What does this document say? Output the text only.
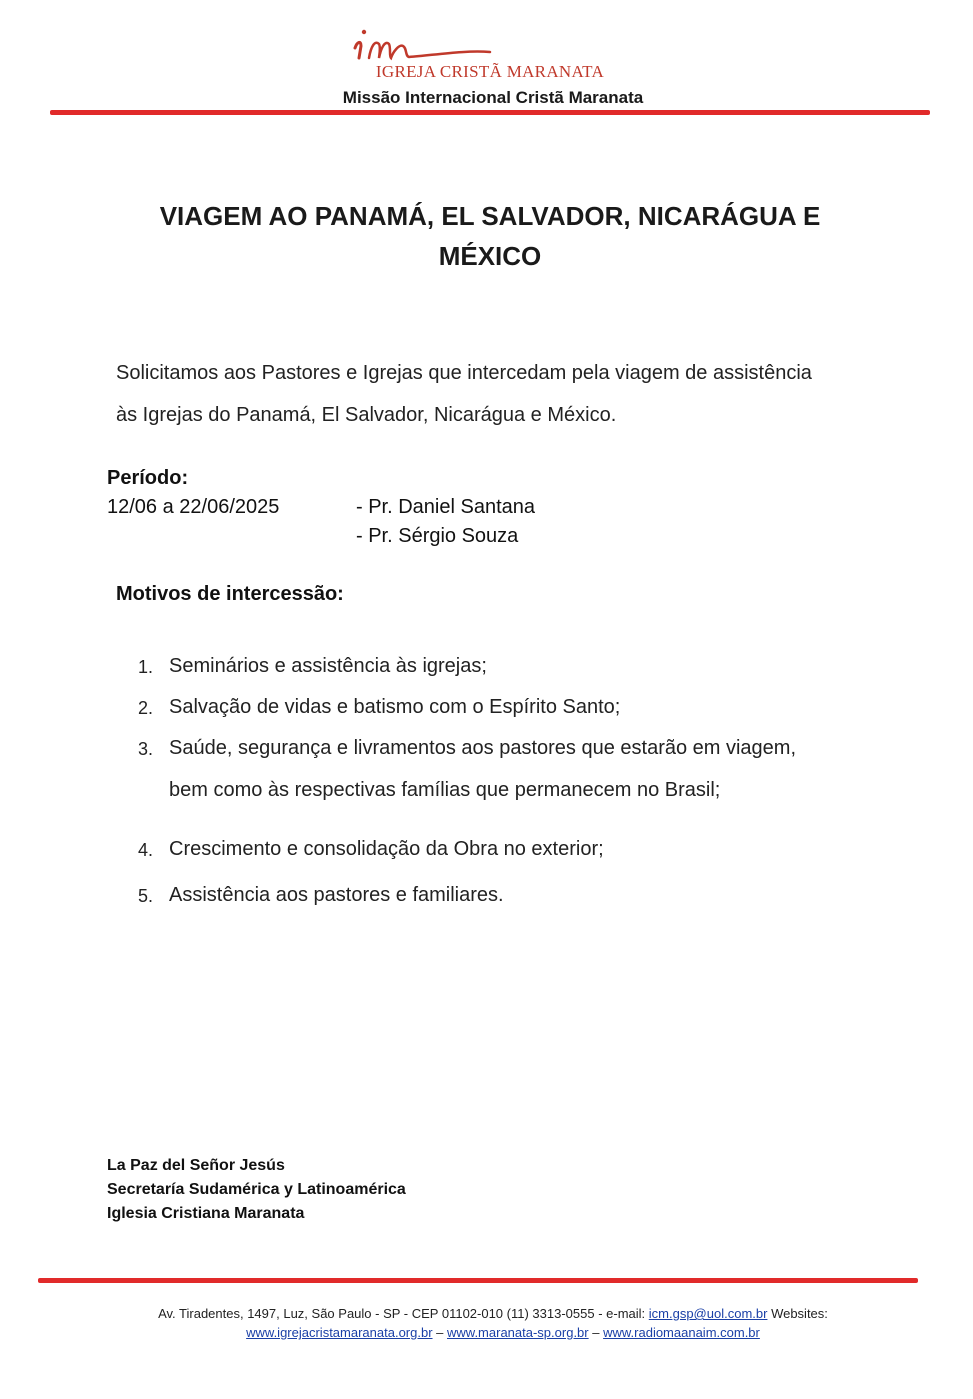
IGREJA CRISTÃ MARANATA
Missão Internacional Cristã Maranata
VIAGEM AO PANAMÁ, EL SALVADOR, NICARÁGUA E
MÉXICO
Solicitamos aos Pastores e Igrejas que intercedam pela viagem de assistência
às Igrejas do Panamá, El Salvador, Nicarágua e México.
Período:
12/06 a 22/06/2025	- Pr. Daniel Santana
- Pr. Sérgio Souza
Motivos de intercessão:
1. Seminários e assistência às igrejas;
2. Salvação de vidas e batismo com o Espírito Santo;
3. Saúde, segurança e livramentos aos pastores que estarão em viagem,
bem como às respectivas famílias que permanecem no Brasil;
4. Crescimento e consolidação da Obra no exterior;
5. Assistência aos pastores e familiares.
La Paz del Señor Jesús
Secretaría Sudamérica y Latinoamérica
Iglesia Cristiana Maranata
Av. Tiradentes, 1497, Luz, São Paulo - SP - CEP 01102-010 (11) 3313-0555 - e-mail: icm.gsp@uol.com.br Websites:
www.igrejacristamaranata.org.br – www.maranata-sp.org.br – www.radiomaanaim.com.br
